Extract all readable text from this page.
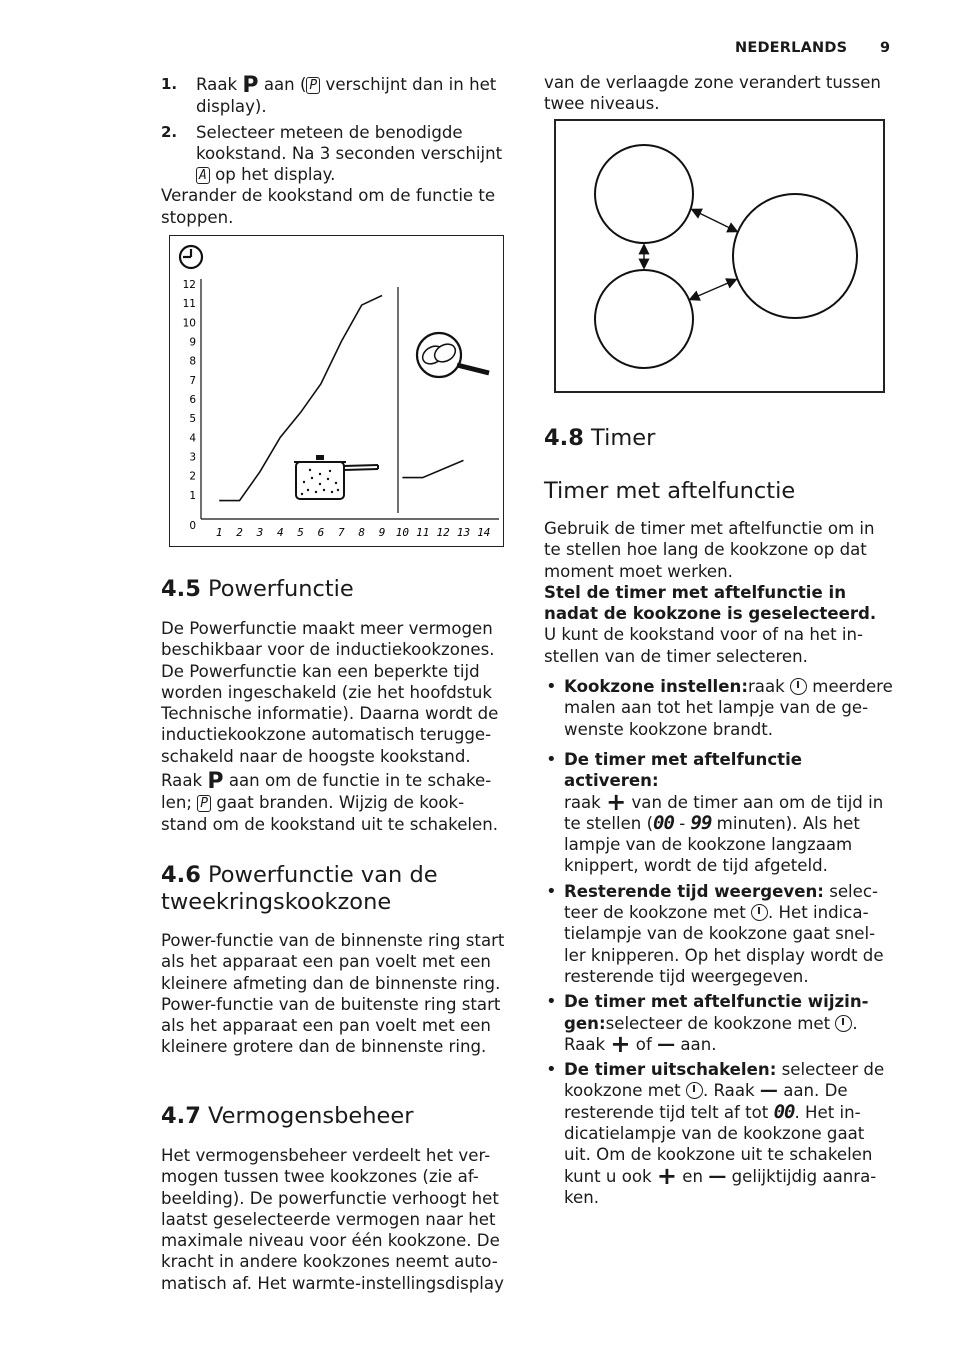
NEDERLANDS 9
1. Raak P aan ( P verschijnt dan in het display).
2. Selecteer meteen de benodigde kookstand. Na 3 seconden verschijnt A op het display.
Verander de kookstand om de functie te stoppen.
0
1
2
3
4
5
6
7
8
9
10
11
12
1 2 3 4 5 6 7 8 9 10 11 12 13 14
4.5 Powerfunctie
De Powerfunctie maakt meer vermogen beschikbaar voor de inductiekookzones. De Powerfunctie kan een beperkte tijd worden ingeschakeld (zie het hoofdstuk Technische informatie). Daarna wordt de inductiekookzone automatisch terugge-schakeld naar de hoogste kookstand.
Raak P aan om de functie in te schake-
len; P gaat branden. Wijzig de kook-
stand om de kookstand uit te schakelen.
4.6 Powerfunctie van de
tweekringskookzone
Power-functie van de binnenste ring start als het apparaat een pan voelt met een kleinere afmeting dan de binnenste ring. Power-functie van de buitenste ring start als het apparaat een pan voelt met een kleinere grotere dan de binnenste ring.
4.7 Vermogensbeheer
Het vermogensbeheer verdeelt het ver-mogen tussen twee kookzones (zie af-beelding). De powerfunctie verhoogt het laatst geselecteerde vermogen naar het maximale niveau voor één kookzone. De kracht in andere kookzones neemt auto-matisch af. Het warmte-instellingsdisplay
van de verlaagde zone verandert tussen twee niveaus.
4.8 Timer
Timer met aftelfunctie
Gebruik de timer met aftelfunctie om in te stellen hoe lang de kookzone op dat moment moet werken.
Stel de timer met aftelfunctie in nadat de kookzone is geselecteerd.
U kunt de kookstand voor of na het in-stellen van de timer selecteren.
• Kookzone instellen:raak meerdere malen aan tot het lampje van de ge-wenste kookzone brandt.
• De timer met aftelfunctie activeren:
raak + van de timer aan om de tijd in te stellen (00 - 99 minuten). Als het lampje van de kookzone langzaam knippert, wordt de tijd afgeteld.
• Resterende tijd weergeven: selec-teer de kookzone met . Het indica-tielampje van de kookzone gaat snel-ler knipperen. Op het display wordt de resterende tijd weergegeven.
• De timer met aftelfunctie wijzin-gen:selecteer de kookzone met . Raak + of — aan.
• De timer uitschakelen: selecteer de kookzone met . Raak — aan. De resterende tijd telt af tot 00. Het in-dicatielampje van de kookzone gaat uit. Om de kookzone uit te schakelen kunt u ook + en — gelijktijdig aanra-ken.
